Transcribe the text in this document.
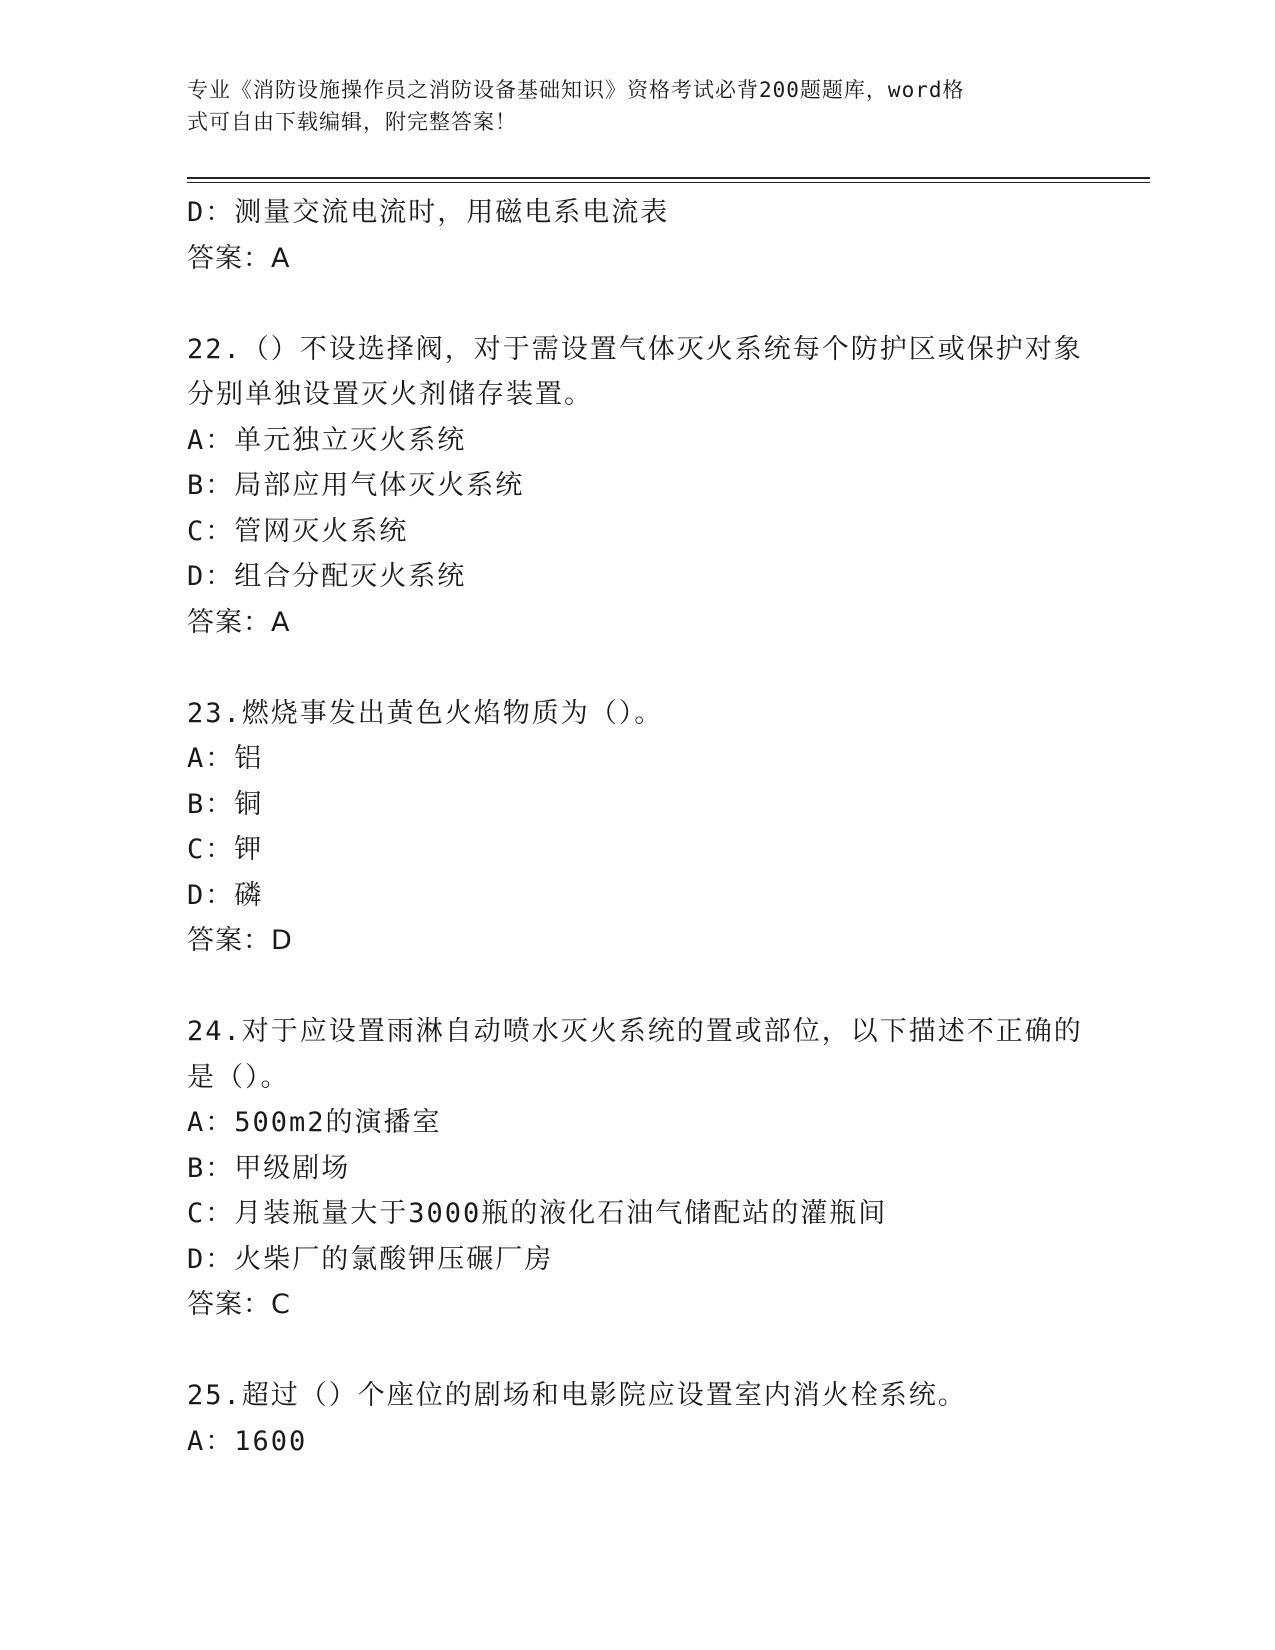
专业《消防设施操作员之消防设备基础知识》资格考试必背200题题库，word格
式可自由下载编辑，附完整答案！

D：测量交流电流时，用磁电系电流表

答案：A

22.（）不设选择阀，对于需设置气体灭火系统每个防护区或保护对象

分别单独设置灭火剂储存装置。

A：单元独立灭火系统

B：局部应用气体灭火系统

C：管网灭火系统

D：组合分配灭火系统

答案：A

23.燃烧事发出黄色火焰物质为（）。

A：铝

B：铜

C：钾

D：磷

答案：D

24.对于应设置雨淋自动喷水灭火系统的置或部位，以下描述不正确的

是（）。

A：500m2的演播室

B：甲级剧场

C：月装瓶量大于3000瓶的液化石油气储配站的灌瓶间

D：火柴厂的氯酸钾压碾厂房

答案：C

25.超过（）个座位的剧场和电影院应设置室内消火栓系统。

A：1600
